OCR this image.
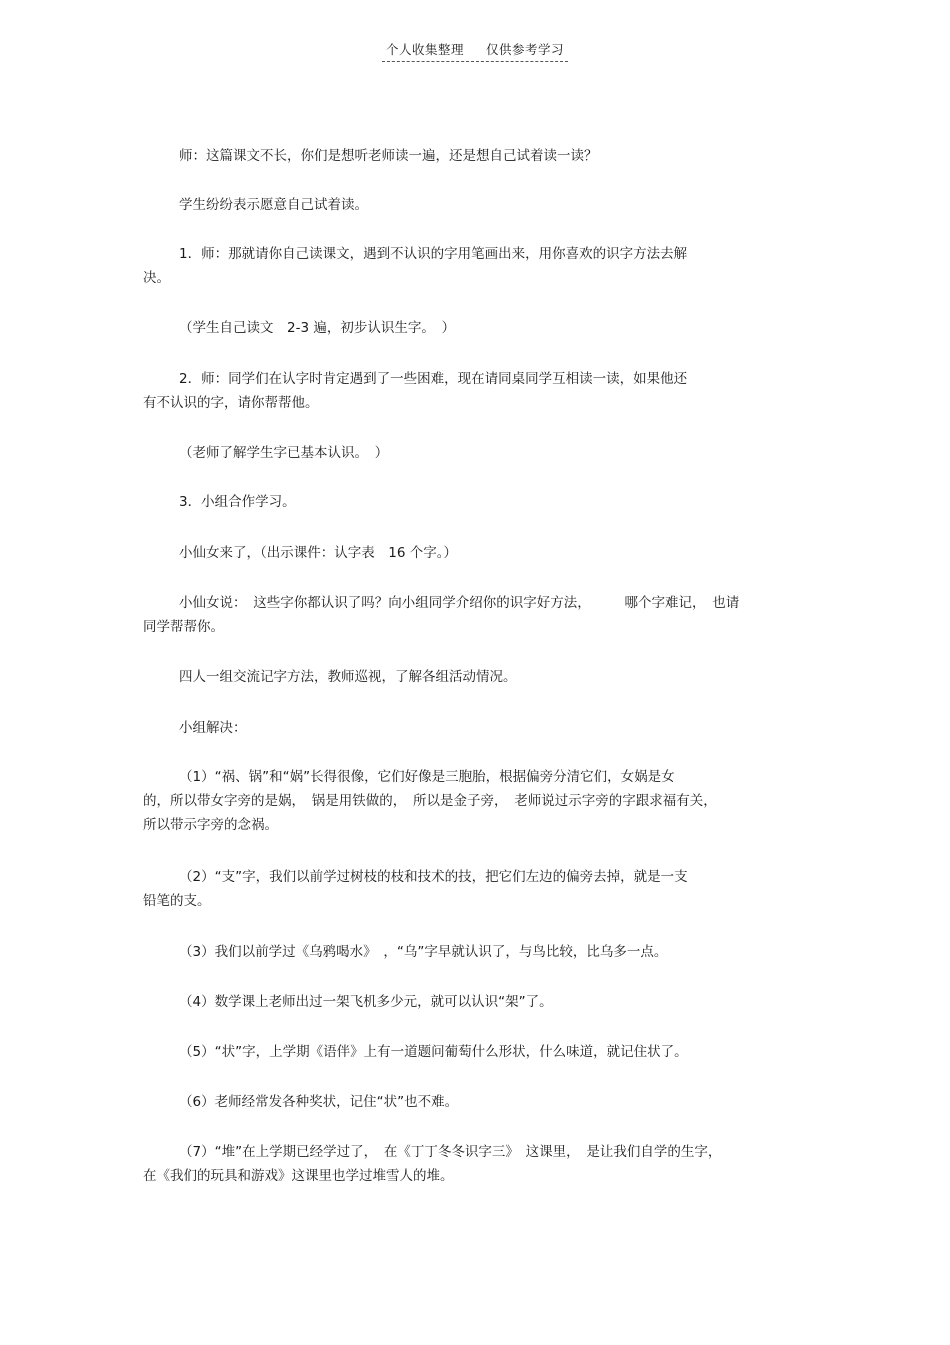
个人收集整理 仅供参考学习
师：这篇课文不长，你们是想听老师读一遍，还是想自己试着读一读？
学生纷纷表示愿意自己试着读。
1．师：那就请你自己读课文，遇到不认识的字用笔画出来，用你喜欢的识字方法去解
决。
（学生自己读文　2-3 遍，初步认识生字。　）
2．师：同学们在认字时肯定遇到了一些困难，现在请同桌同学互相读一读，如果他还
有不认识的字，请你帮帮他。
（老师了解学生字已基本认识。　）
3．小组合作学习。
小仙女来了，（出示课件：认字表　16 个字。）
小仙女说：　这些字你都认识了吗？向小组同学介绍你的识字好方法，　　　哪个字难记，　也请
同学帮帮你。
四人一组交流记字方法，教师巡视，了解各组活动情况。
小组解决：
（1）“祸、锅”和“娲”长得很像，它们好像是三胞胎，根据偏旁分清它们，女娲是女
的，所以带女字旁的是娲，　锅是用铁做的，　所以是金子旁，　老师说过示字旁的字跟求福有关，
所以带示字旁的念祸。
（2）“支”字，我们以前学过树枝的枝和技术的技，把它们左边的偏旁去掉，就是一支
铅笔的支。
（3）我们以前学过《乌鸦喝水》　，“乌”字早就认识了，与鸟比较，比乌多一点。
（4）数学课上老师出过一架飞机多少元，就可以认识“架”了。
（5）“状”字，上学期《语伴》上有一道题问葡萄什么形状，什么味道，就记住状了。
（6）老师经常发各种奖状，记住“状”也不难。
（7）“堆”在上学期已经学过了，　在《丁丁冬冬识字三》　这课里，　是让我们自学的生字，
在《我们的玩具和游戏》这课里也学过堆雪人的堆。
